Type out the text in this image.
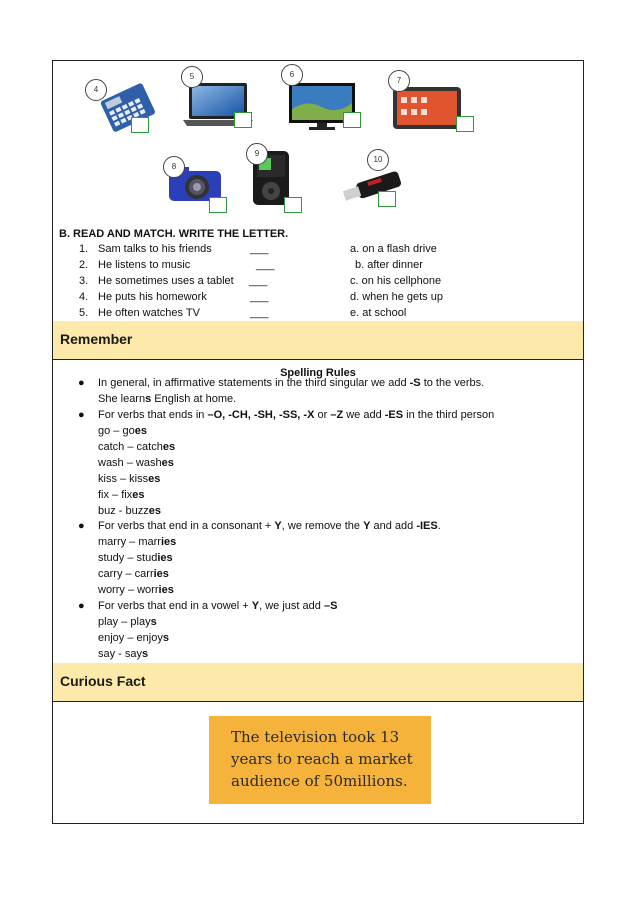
4
5	6
7
8
9
10
B. READ AND MATCH. WRITE THE LETTER.
1. Sam talks to his friends	___	a. on a flash drive
2. He listens to music	___	b. after dinner
3. He sometimes uses a tablet ___	c. on his cellphone
4. He puts his homework	___	d. when he gets up
5. He often watches TV	___	e. at school
Remember
Spelling Rules
● In general, in affirmative statements in the third singular we add -S to the verbs.
She learns English at home.
● For verbs that ends in –O, -CH, -SH, -SS, -X or –Z we add -ES in the third person
go – goes
catch – catches
wash – washes
kiss – kisses
fix – fixes
buz - buzzes
● For verbs that end in a consonant + Y, we remove the Y and add -IES.
marry – marries
study – studies
carry – carries
worry – worries
● For verbs that end in a vowel + Y, we just add –S
play – plays
enjoy – enjoys
say - says
Curious Fact
The television took 13
years to reach a market
audience of 50millions.
